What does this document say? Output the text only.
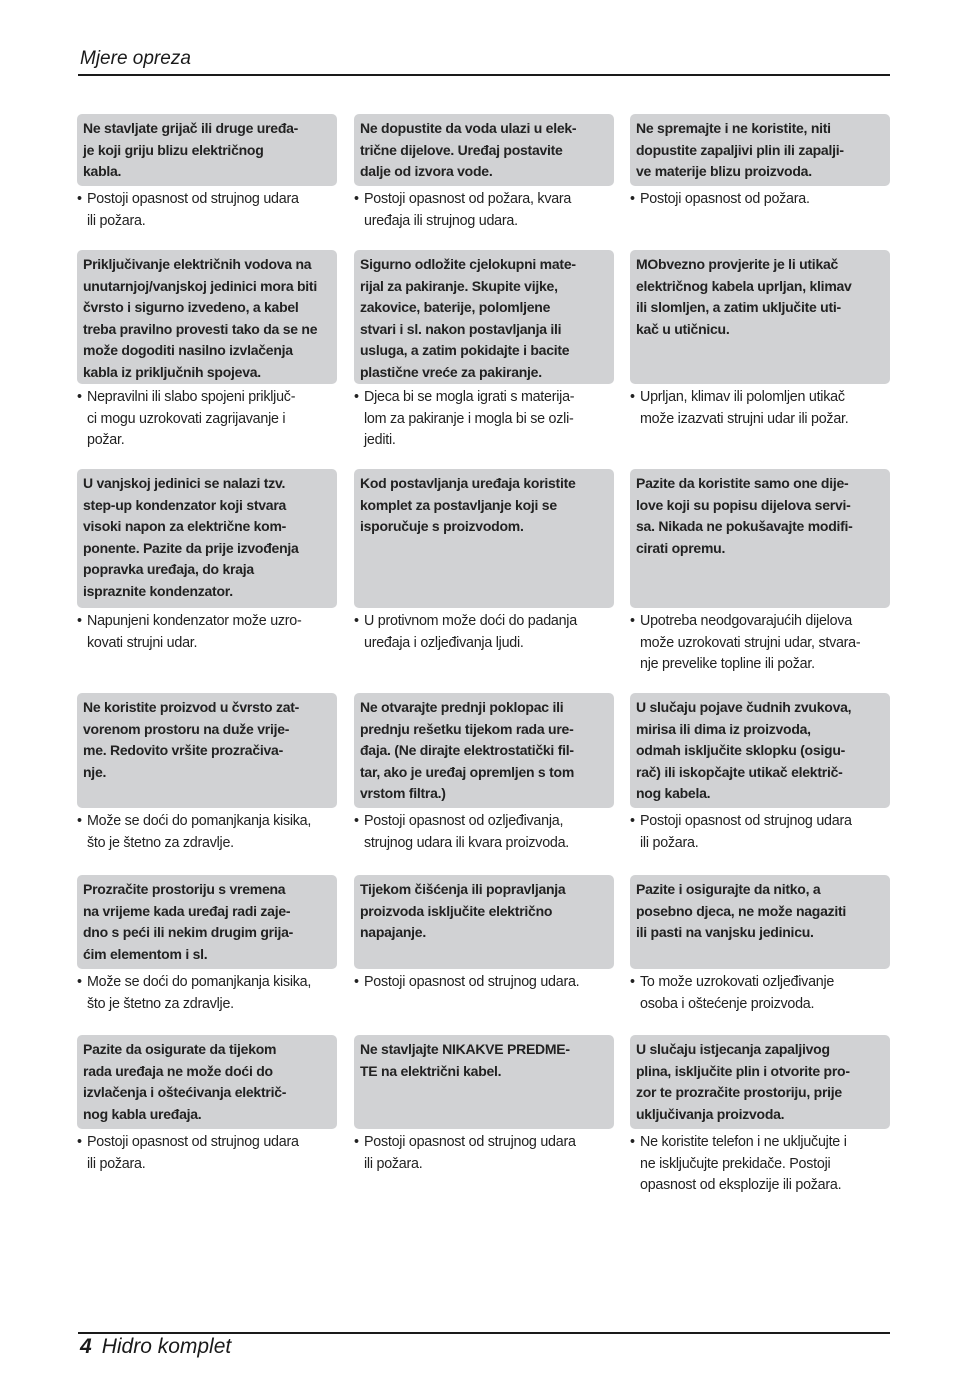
Mjere opreza
Ne stavljate grijač ili druge uređa-
je koji griju blizu električnog
kabla.
• Postoji opasnost od strujnog udara
ili požara.
Ne dopustite da voda ulazi u elek-
trične dijelove. Uređaj postavite
dalje od izvora vode.
• Postoji opasnost od požara, kvara
uređaja ili strujnog udara.
Ne spremajte i ne koristite, niti
dopustite zapaljivi plin ili zapalji-
ve materije blizu proizvoda.
• Postoji opasnost od požara.
Priključivanje električnih vodova na
unutarnjoj/vanjskoj jedinici mora biti
čvrsto i sigurno izvedeno, a kabel
treba pravilno provesti tako da se ne
može dogoditi nasilno izvlačenja
kabla iz priključnih spojeva.
• Nepravilni ili slabo spojeni priključ-
ci mogu uzrokovati zagrijavanje i
požar.
Sigurno odložite cjelokupni mate-
rijal za pakiranje. Skupite vijke,
zakovice, baterije, polomljene
stvari i sl. nakon postavljanja ili
usluga, a zatim pokidajte i bacite
plastične vreće za pakiranje.
• Djeca bi se mogla igrati s materija-
lom za pakiranje i mogla bi se ozli-
jediti.
MObvezno provjerite je li utikač
električnog kabela uprljan, klimav
ili slomljen, a zatim uključite uti-
kač u utičnicu.
• Uprljan, klimav ili polomljen utikač
može izazvati strujni udar ili požar.
U vanjskoj jedinici se nalazi tzv.
step-up kondenzator koji stvara
visoki napon za električne kom-
ponente. Pazite da prije izvođenja
popravka uređaja, do kraja
ispraznite kondenzator.
• Napunjeni kondenzator može uzro-
kovati strujni udar.
Kod postavljanja uređaja koristite
komplet za postavljanje koji se
isporučuje s proizvodom.
• U protivnom može doći do padanja
uređaja i ozljeđivanja ljudi.
Pazite da koristite samo one dije-
love koji su popisu dijelova servi-
sa. Nikada ne pokušavajte modifi-
cirati opremu.
• Upotreba neodgovarajućih dijelova
može uzrokovati strujni udar, stvara-
nje prevelike topline ili požar.
Ne koristite proizvod u čvrsto zat-
vorenom prostoru na duže vrije-
me. Redovito vršite prozračiva-
nje.
• Može se doći do pomanjkanja kisika,
što je štetno za zdravlje.
Ne otvarajte prednji poklopac ili
prednju rešetku tijekom rada ure-
đaja. (Ne dirajte elektrostatički fil-
tar, ako je uređaj opremljen s tom
vrstom filtra.)
• Postoji opasnost od ozljeđivanja,
strujnog udara ili kvara proizvoda.
U slučaju pojave čudnih zvukova,
mirisa ili dima iz proizvoda,
odmah isključite sklopku (osigu-
rač) ili iskopčajte utikač električ-
nog kabela.
• Postoji opasnost od strujnog udara
ili požara.
Prozračite prostoriju s vremena
na vrijeme kada uređaj radi zaje-
dno s peći ili nekim drugim grija-
ćim elementom i sl.
• Može se doći do pomanjkanja kisika,
što je štetno za zdravlje.
Tijekom čišćenja ili popravljanja
proizvoda isključite električno
napajanje.
• Postoji opasnost od strujnog udara.
Pazite i osigurajte da nitko, a
posebno djeca, ne može nagaziti
ili pasti na vanjsku jedinicu.
• To može uzrokovati ozljeđivanje
osoba i oštećenje proizvoda.
Pazite da osigurate da tijekom
rada uređaja ne može doći do
izvlačenja i oštećivanja električ-
nog kabla uređaja.
• Postoji opasnost od strujnog udara
ili požara.
Ne stavljajte NIKAKVE PREDME-
TE na električni kabel.
• Postoji opasnost od strujnog udara
ili požara.
U slučaju istjecanja zapaljivog
plina, isključite plin i otvorite pro-
zor te prozračite prostoriju, prije
uključivanja proizvoda.
• Ne koristite telefon i ne uključujte i
ne isključujte prekidače. Postoji
opasnost od eksplozije ili požara.
4 Hidro komplet
